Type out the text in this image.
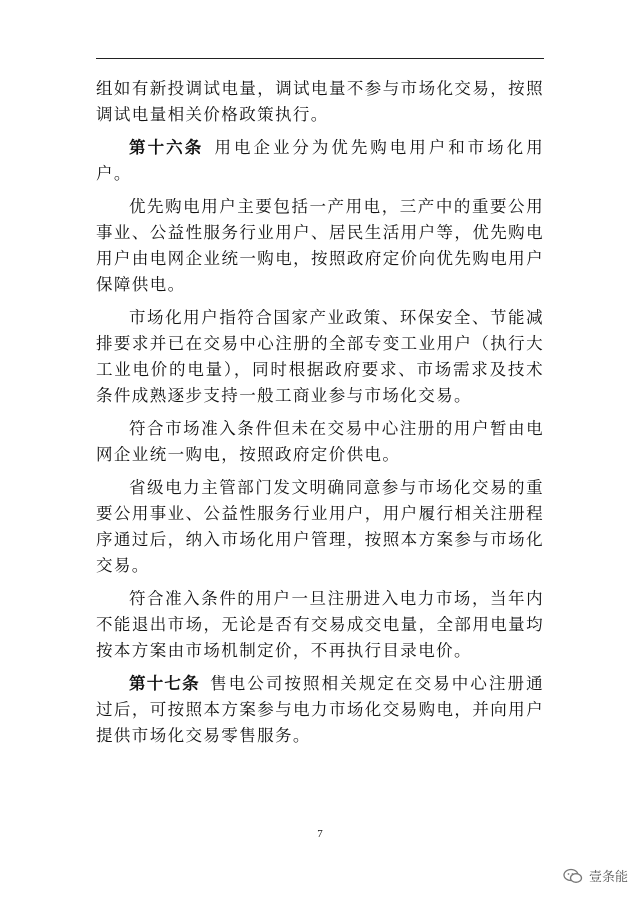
组如有新投调试电量，调试电量不参与市场化交易，按照调试电量相关价格政策执行。

第十六条  用电企业分为优先购电用户和市场化用户。

优先购电用户主要包括一产用电，三产中的重要公用事业、公益性服务行业用户、居民生活用户等，优先购电用户由电网企业统一购电，按照政府定价向优先购电用户保障供电。

市场化用户指符合国家产业政策、环保安全、节能减排要求并已在交易中心注册的全部专变工业用户（执行大工业电价的电量），同时根据政府要求、市场需求及技术条件成熟逐步支持一般工商业参与市场化交易。

符合市场准入条件但未在交易中心注册的用户暂由电网企业统一购电，按照政府定价供电。

省级电力主管部门发文明确同意参与市场化交易的重要公用事业、公益性服务行业用户，用户履行相关注册程序通过后，纳入市场化用户管理，按照本方案参与市场化交易。

符合准入条件的用户一旦注册进入电力市场，当年内不能退出市场，无论是否有交易成交电量，全部用电量均按本方案由市场机制定价，不再执行目录电价。

第十七条  售电公司按照相关规定在交易中心注册通过后，可按照本方案参与电力市场化交易购电，并向用户提供市场化交易零售服务。

7
壹条能
